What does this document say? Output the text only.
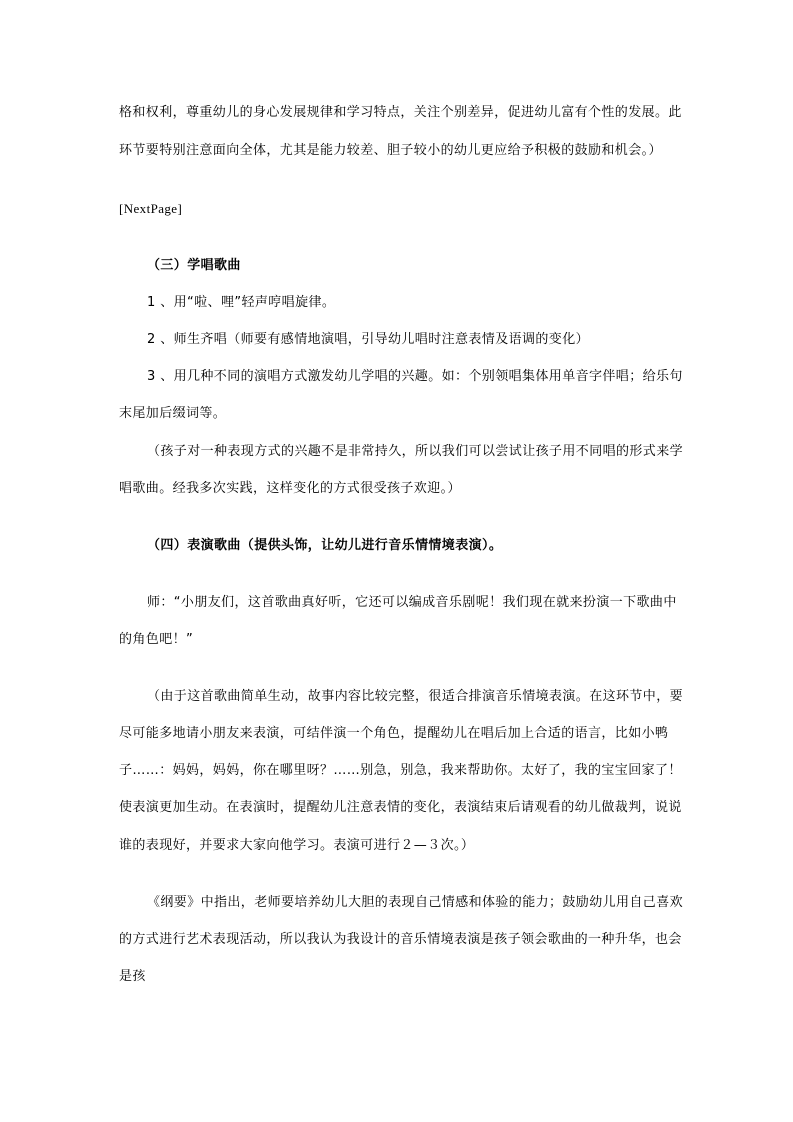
格和权利，尊重幼儿的身心发展规律和学习特点，关注个别差异，促进幼儿富有个性的发展。此
环节要特别注意面向全体，尤其是能力较差、胆子较小的幼儿更应给予积极的鼓励和机会。）
[NextPage]
（三）学唱歌曲
1 、用“啦、哩”轻声哼唱旋律。
2 、师生齐唱（师要有感情地演唱，引导幼儿唱时注意表情及语调的变化）
3 、用几种不同的演唱方式激发幼儿学唱的兴趣。如：个别领唱集体用单音字伴唱；给乐句
末尾加后缀词等。
（孩子对一种表现方式的兴趣不是非常持久，所以我们可以尝试让孩子用不同唱的形式来学
唱歌曲。经我多次实践，这样变化的方式很受孩子欢迎。）
（四）表演歌曲（提供头饰，让幼儿进行音乐情情境表演）。
师：“小朋友们，这首歌曲真好听，它还可以编成音乐剧呢！我们现在就来扮演一下歌曲中
的角色吧！”
（由于这首歌曲简单生动，故事内容比较完整，很适合排演音乐情境表演。在这环节中，要
尽可能多地请小朋友来表演，可结伴演一个角色，提醒幼儿在唱后加上合适的语言，比如小鸭
子……：妈妈，妈妈，你在哪里呀？……别急，别急，我来帮助你。太好了，我的宝宝回家了！
使表演更加生动。在表演时，提醒幼儿注意表情的变化，表演结束后请观看的幼儿做裁判，说说
谁的表现好，并要求大家向他学习。表演可进行２—３次。）
《纲要》中指出，老师要培养幼儿大胆的表现自己情感和体验的能力；鼓励幼儿用自己喜欢
的方式进行艺术表现活动，所以我认为我设计的音乐情境表演是孩子领会歌曲的一种升华，也会
是孩
